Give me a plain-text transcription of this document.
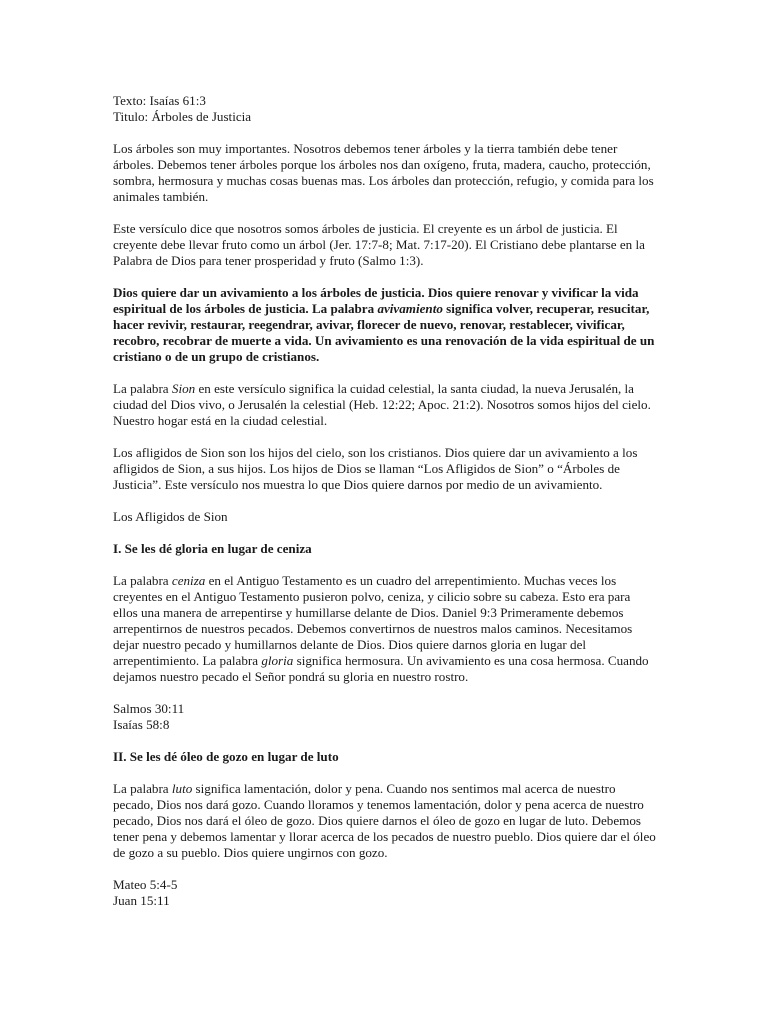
Texto: Isaías 61:3
Titulo: Árboles de Justicia

Los árboles son muy importantes. Nosotros debemos tener árboles y la tierra también debe tener árboles. Debemos tener árboles porque los árboles nos dan oxígeno, fruta, madera, caucho, protección, sombra, hermosura y muchas cosas buenas mas. Los árboles dan protección, refugio, y comida para los animales también.

Este versículo dice que nosotros somos árboles de justicia. El creyente es un árbol de justicia. El creyente debe llevar fruto como un árbol (Jer. 17:7-8; Mat. 7:17-20). El Cristiano debe plantarse en la Palabra de Dios para tener prosperidad y fruto (Salmo 1:3).

Dios quiere dar un avivamiento a los árboles de justicia. Dios quiere renovar y vivificar la vida espiritual de los árboles de justicia. La palabra avivamiento significa volver, recuperar, resucitar, hacer revivir, restaurar, reegendrar, avivar, florecer de nuevo, renovar, restablecer, vivificar, recobro, recobrar de muerte a vida. Un avivamiento es una renovación de la vida espiritual de un cristiano o de un grupo de cristianos.

La palabra Sion en este versículo significa la cuidad celestial, la santa ciudad, la nueva Jerusalén, la ciudad del Dios vivo, o Jerusalén la celestial (Heb. 12:22; Apoc. 21:2). Nosotros somos hijos del cielo. Nuestro hogar está en la ciudad celestial.

Los afligidos de Sion son los hijos del cielo, son los cristianos. Dios quiere dar un avivamiento a los afligidos de Sion, a sus hijos. Los hijos de Dios se llaman “Los Afligidos de Sion” o “Árboles de Justicia”. Este versículo nos muestra lo que Dios quiere darnos por medio de un avivamiento.

Los Afligidos de Sion

I. Se les dé gloria en lugar de ceniza

La palabra ceniza en el Antiguo Testamento es un cuadro del arrepentimiento. Muchas veces los creyentes en el Antiguo Testamento pusieron polvo, ceniza, y cilicio sobre su cabeza. Esto era para ellos una manera de arrepentirse y humillarse delante de Dios. Daniel 9:3 Primeramente debemos arrepentirnos de nuestros pecados. Debemos convertirnos de nuestros malos caminos. Necesitamos dejar nuestro pecado y humillarnos delante de Dios. Dios quiere darnos gloria en lugar del arrepentimiento. La palabra gloria significa hermosura. Un avivamiento es una cosa hermosa. Cuando dejamos nuestro pecado el Señor pondrá su gloria en nuestro rostro.

Salmos 30:11
Isaías 58:8

II. Se les dé óleo de gozo en lugar de luto

La palabra luto significa lamentación, dolor y pena. Cuando nos sentimos mal acerca de nuestro pecado, Dios nos dará gozo. Cuando lloramos y tenemos lamentación, dolor y pena acerca de nuestro pecado, Dios nos dará el óleo de gozo. Dios quiere darnos el óleo de gozo en lugar de luto. Debemos tener pena y debemos lamentar y llorar acerca de los pecados de nuestro pueblo. Dios quiere dar el óleo de gozo a su pueblo. Dios quiere ungirnos con gozo.

Mateo 5:4-5
Juan 15:11
